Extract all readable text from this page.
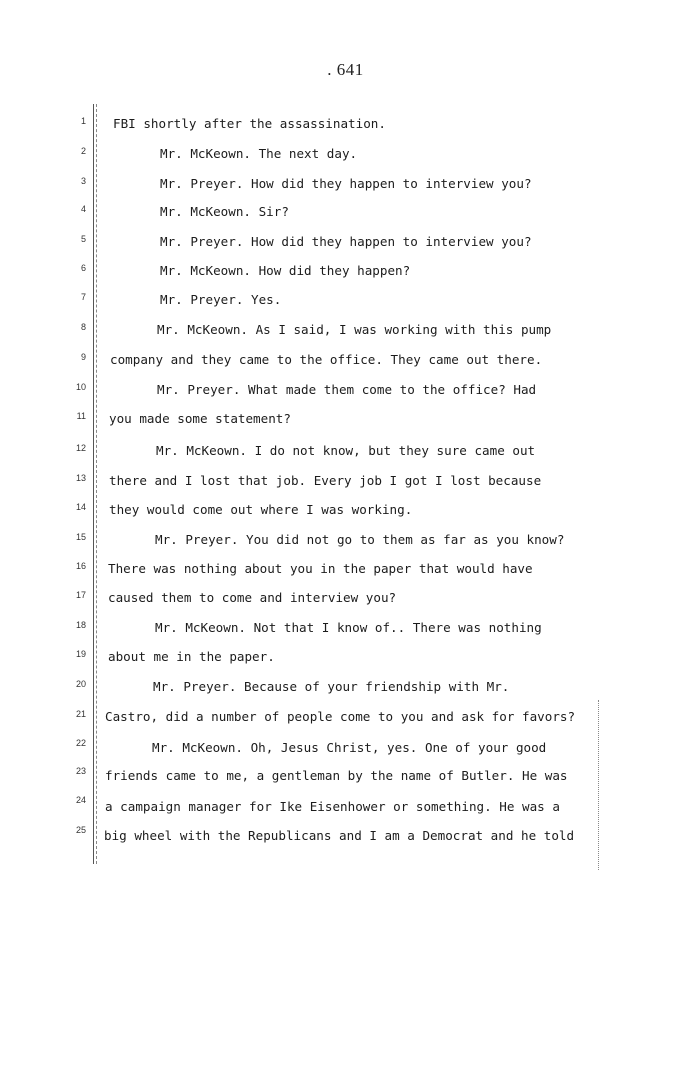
. 641
1
2
3
4
5
6
7
8
9
10
11
12
13
14
15
16
17
18
19
20
21
22
23
24
25
FBI shortly after the assassination.
Mr. McKeown. The next day.
Mr. Preyer. How did they happen to interview you?
Mr. McKeown. Sir?
Mr. Preyer. How did they happen to interview you?
Mr. McKeown. How did they happen?
Mr. Preyer. Yes.
Mr. McKeown. As I said, I was working with this pump
company and they came to the office. They came out there.
Mr. Preyer. What made them come to the office? Had
you made some statement?
Mr. McKeown. I do not know, but they sure came out
there and I lost that job. Every job I got I lost because
they would come out where I was working.
Mr. Preyer. You did not go to them as far as you know?
There was nothing about you in the paper that would have
caused them to come and interview you?
Mr. McKeown. Not that I know of.. There was nothing
about me in the paper.
Mr. Preyer. Because of your friendship with Mr.
Castro, did a number of people come to you and ask for favors?
Mr. McKeown. Oh, Jesus Christ, yes. One of your good
friends came to me, a gentleman by the name of Butler. He was
a campaign manager for Ike Eisenhower or something. He was a
big wheel with the Republicans and I am a Democrat and he told
